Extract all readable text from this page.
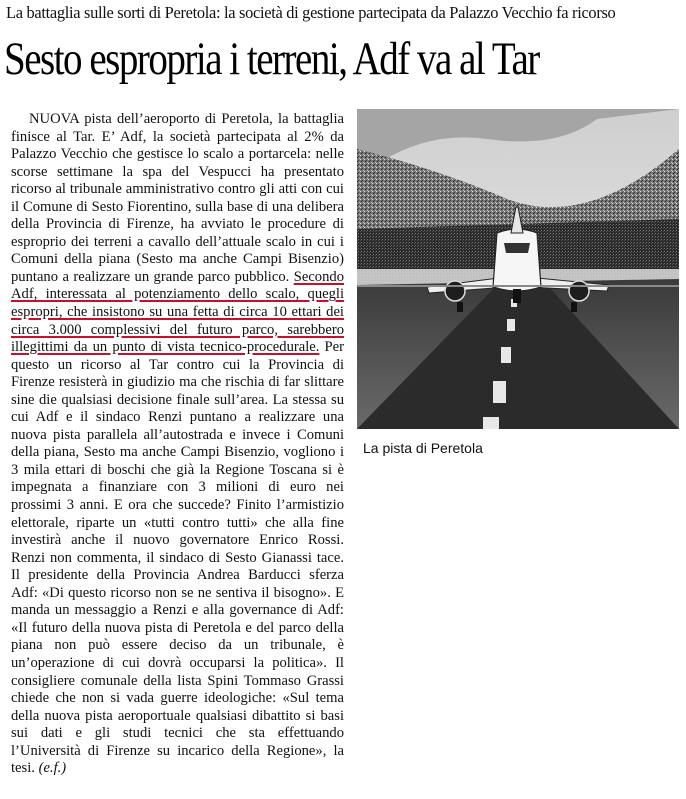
La battaglia sulle sorti di Peretola: la società di gestione partecipata da Palazzo Vecchio fa ricorso
Sesto espropria i terreni, Adf va al Tar

NUOVA pista dell’aeroporto di Peretola, la battaglia finisce al Tar. E’ Adf, la società partecipata al 2% da Palazzo Vecchio che gestisce lo scalo a portarcela: nelle scorse settimane la spa del Vespucci ha presentato ricorso al tribunale amministrativo contro gli atti con cui il Comune di Sesto Fiorentino, sulla base di una delibera della Provincia di Firenze, ha avviato le procedure di esproprio dei terreni a cavallo dell’attuale scalo in cui i Comuni della piana (Sesto ma anche Campi Bisenzio) puntano a realizzare un grande parco pubblico. Secondo Adf, interessata al potenziamento dello scalo, quegli espropri, che insistono su una fetta di circa 10 ettari dei circa 3.000 complessivi del futuro parco, sarebbero illegittimi da un punto di vista tecnico-procedurale. Per questo un ricorso al Tar contro cui la Provincia di Firenze resisterà in giudizio ma che rischia di far slittare sine die qualsiasi decisione finale sull’area. La stessa su cui Adf e il sindaco Renzi puntano a realizzare una nuova pista parallela all’autostrada e invece i Comuni della piana, Sesto ma anche Campi Bisenzio, vogliono i 3 mila ettari di boschi che già la Regione Toscana si è impegnata a finanziare con 3 milioni di euro nei prossimi 3 anni. E ora che succede? Finito l’armistizio elettorale, riparte un «tutti contro tutti» che alla fine investirà anche il nuovo governatore Enrico Rossi. Renzi non commenta, il sindaco di Sesto Gianassi tace. Il presidente della Provincia Andrea Barducci sferza Adf: «Di questo ricorso non se ne sentiva il bisogno». E manda un messaggio a Renzi e alla governance di Adf: «Il futuro della nuova pista di Peretola e del parco della piana non può essere deciso da un tribunale, è un’operazione di cui dovrà occuparsi la politica». Il consigliere comunale della lista Spini Tommaso Grassi chiede che non si vada guerre ideologiche: «Sul tema della nuova pista aeroportuale qualsiasi dibattito si basi sui dati e gli studi tecnici che sta effettuando l’Università di Firenze su incarico della Regione», la tesi. (e.f.)

La pista di Peretola
